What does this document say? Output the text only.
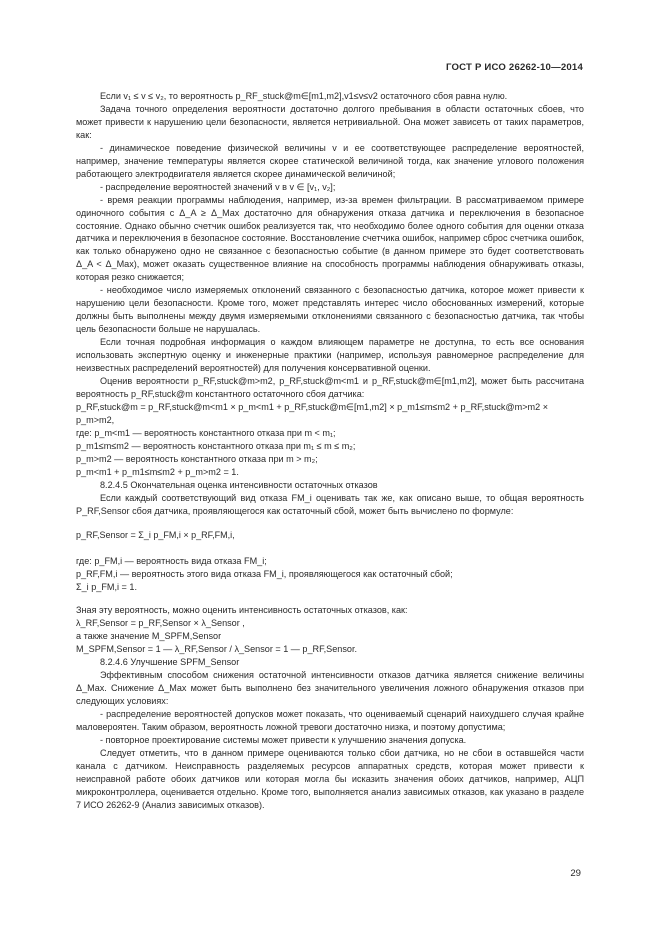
ГОСТ Р ИСО 26262-10—2014

Если v₁ ≤ v ≤ v₂, то вероятность p_RF_stuck@m∈[m1,m2],v1≤v≤v2 остаточного сбоя равна нулю.

Задача точного определения вероятности достаточно долгого пребывания в области остаточных сбоев, что может привести к нарушению цели безопасности, является нетривиальной. Она может зависеть от таких параметров, как:

- динамическое поведение физической величины v и ее соответствующее распределение вероятностей, например, значение температуры является скорее статической величиной тогда, как значение углового положения работающего электродвигателя является скорее динамической величиной;

- распределение вероятностей значений v в v ∈ [v₁, v₂];

- время реакции программы наблюдения, например, из-за времен фильтрации. В рассматриваемом примере одиночного события с Δ_A ≥ Δ_Max достаточно для обнаружения отказа датчика и переключения в безопасное состояние. Однако обычно счетчик ошибок реализуется так, что необходимо более одного события для оценки отказа датчика и переключения в безопасное состояние. Восстановление счетчика ошибок, например сброс счетчика ошибок, как только обнаружено одно не связанное с безопасностью событие (в данном примере это будет соответствовать Δ_A < Δ_Max), может оказать существенное влияние на способность программы наблюдения обнаруживать отказы, которая резко снижается;

- необходимое число измеряемых отклонений связанного с безопасностью датчика, которое может привести к нарушению цели безопасности. Кроме того, может представлять интерес число обоснованных измерений, которые должны быть выполнены между двумя измеряемыми отклонениями связанного с безопасностью датчика, так чтобы цель безопасности больше не нарушалась.

Если точная подробная информация о каждом влияющем параметре не доступна, то есть все основания использовать экспертную оценку и инженерные практики (например, используя равномерное распределение для неизвестных распределений вероятностей) для получения консервативной оценки.

Оценив вероятности p_RF,stuck@m>m2, p_RF,stuck@m<m1 и p_RF,stuck@m∈[m1,m2], может быть рассчитана вероятность p_RF,stuck@m константного остаточного сбоя датчика:

p_RF,stuck@m = p_RF,stuck@m<m1 × p_m<m1 + p_RF,stuck@m∈[m1,m2] × p_m1≤m≤m2 + p_RF,stuck@m>m2 × p_m>m2,

где: p_m<m1 — вероятность константного отказа при m < m₁;

p_m1≤m≤m2 — вероятность константного отказа при m₁ ≤ m ≤ m₂;

p_m>m2 — вероятность константного отказа при m > m₂;

p_m<m1 + p_m1≤m≤m2 + p_m>m2 = 1.

8.2.4.5 Окончательная оценка интенсивности остаточных отказов

Если каждый соответствующий вид отказа FM_i оценивать так же, как описано выше, то общая вероятность P_RF,Sensor сбоя датчика, проявляющегося как остаточный сбой, может быть вычислено по формуле:

p_RF,Sensor = Σ_i p_FM,i × p_RF,FM,i,

где: p_FM,i — вероятность вида отказа FM_i;

p_RF,FM,i — вероятность этого вида отказа FM_i, проявляющегося как остаточный сбой;

Σ_i p_FM,i = 1.

Зная эту вероятность, можно оценить интенсивность остаточных отказов, как:

λ_RF,Sensor = p_RF,Sensor × λ_Sensor ,

а также значение M_SPFM,Sensor

M_SPFM,Sensor = 1 — λ_RF,Sensor / λ_Sensor = 1 — p_RF,Sensor.

8.2.4.6 Улучшение SPFM_Sensor

Эффективным способом снижения остаточной интенсивности отказов датчика является снижение величины Δ_Max. Снижение Δ_Max может быть выполнено без значительного увеличения ложного обнаружения отказов при следующих условиях:

- распределение вероятностей допусков может показать, что оцениваемый сценарий наихудшего случая крайне маловероятен. Таким образом, вероятность ложной тревоги достаточно низка, и поэтому допустима;

- повторное проектирование системы может привести к улучшению значения допуска.

Следует отметить, что в данном примере оцениваются только сбои датчика, но не сбои в оставшейся части канала с датчиком. Неисправность разделяемых ресурсов аппаратных средств, которая может привести к неисправной работе обоих датчиков или которая могла бы исказить значения обоих датчиков, например, АЦП микроконтроллера, оценивается отдельно. Кроме того, выполняется анализ зависимых отказов, как указано в разделе 7 ИСО 26262-9 (Анализ зависимых отказов).

29
